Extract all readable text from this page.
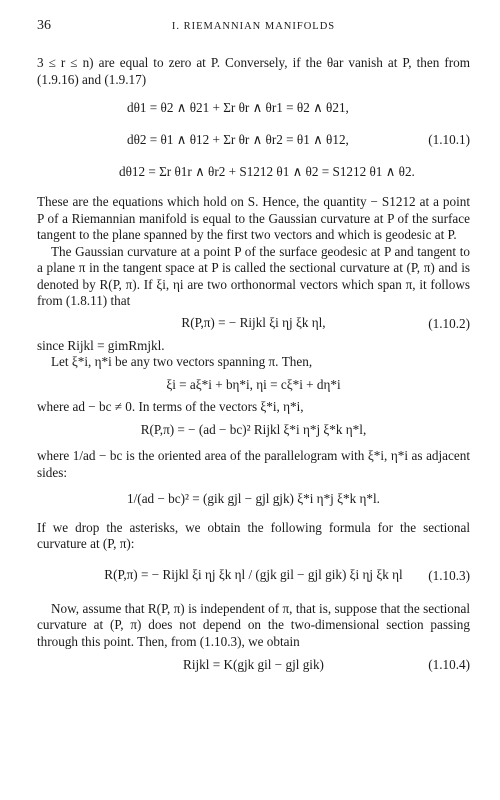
36	I. RIEMANNIAN MANIFOLDS

3 ≤ r ≤ n) are equal to zero at P. Conversely, if the θar vanish at P, then from (1.9.16) and (1.9.17)

dθ1 = θ2 ∧ θ21 + Σr θr ∧ θr1 = θ2 ∧ θ21,
dθ2 = θ1 ∧ θ12 + Σr θr ∧ θr2 = θ1 ∧ θ12,
dθ12 = Σr θ1r ∧ θr2 + S1212 θ1 ∧ θ2 = S1212 θ1 ∧ θ2.
(1.10.1)

These are the equations which hold on S. Hence, the quantity − S1212 at a point P of a Riemannian manifold is equal to the Gaussian curvature at P of the surface tangent to the plane spanned by the first two vectors and which is geodesic at P.

The Gaussian curvature at a point P of the surface geodesic at P and tangent to a plane π in the tangent space at P is called the sectional curvature at (P, π) and is denoted by R(P, π). If ξi, ηi are two orthonormal vectors which span π, it follows from (1.8.11) that

R(P,π) = − Rijkl ξi ηj ξk ηl,	(1.10.2)

since Rijkl = gimRmjkl.

Let ξ*i, η*i be any two vectors spanning π. Then,

ξi = aξ*i + bη*i, ηi = cξ*i + dη*i

where ad − bc ≠ 0. In terms of the vectors ξ*i, η*i,

R(P,π) = − (ad − bc)² Rijkl ξ*i η*j ξ*k η*l,

where 1/ad − bc is the oriented area of the parallelogram with ξ*i, η*i as adjacent sides:

1/(ad − bc)² = (gik gjl − gjl gjk) ξ*i η*j ξ*k η*l.

If we drop the asterisks, we obtain the following formula for the sectional curvature at (P, π):

R(P,π) = − Rijkl ξi ηj ξk ηl / (gjk gil − gjl gik) ξi ηj ξk ηl (1.10.3)

Now, assume that R(P, π) is independent of π, that is, suppose that the sectional curvature at (P, π) does not depend on the two-dimensional section passing through this point. Then, from (1.10.3), we obtain

Rijkl = K(gjk gil − gjl gik)	(1.10.4)
